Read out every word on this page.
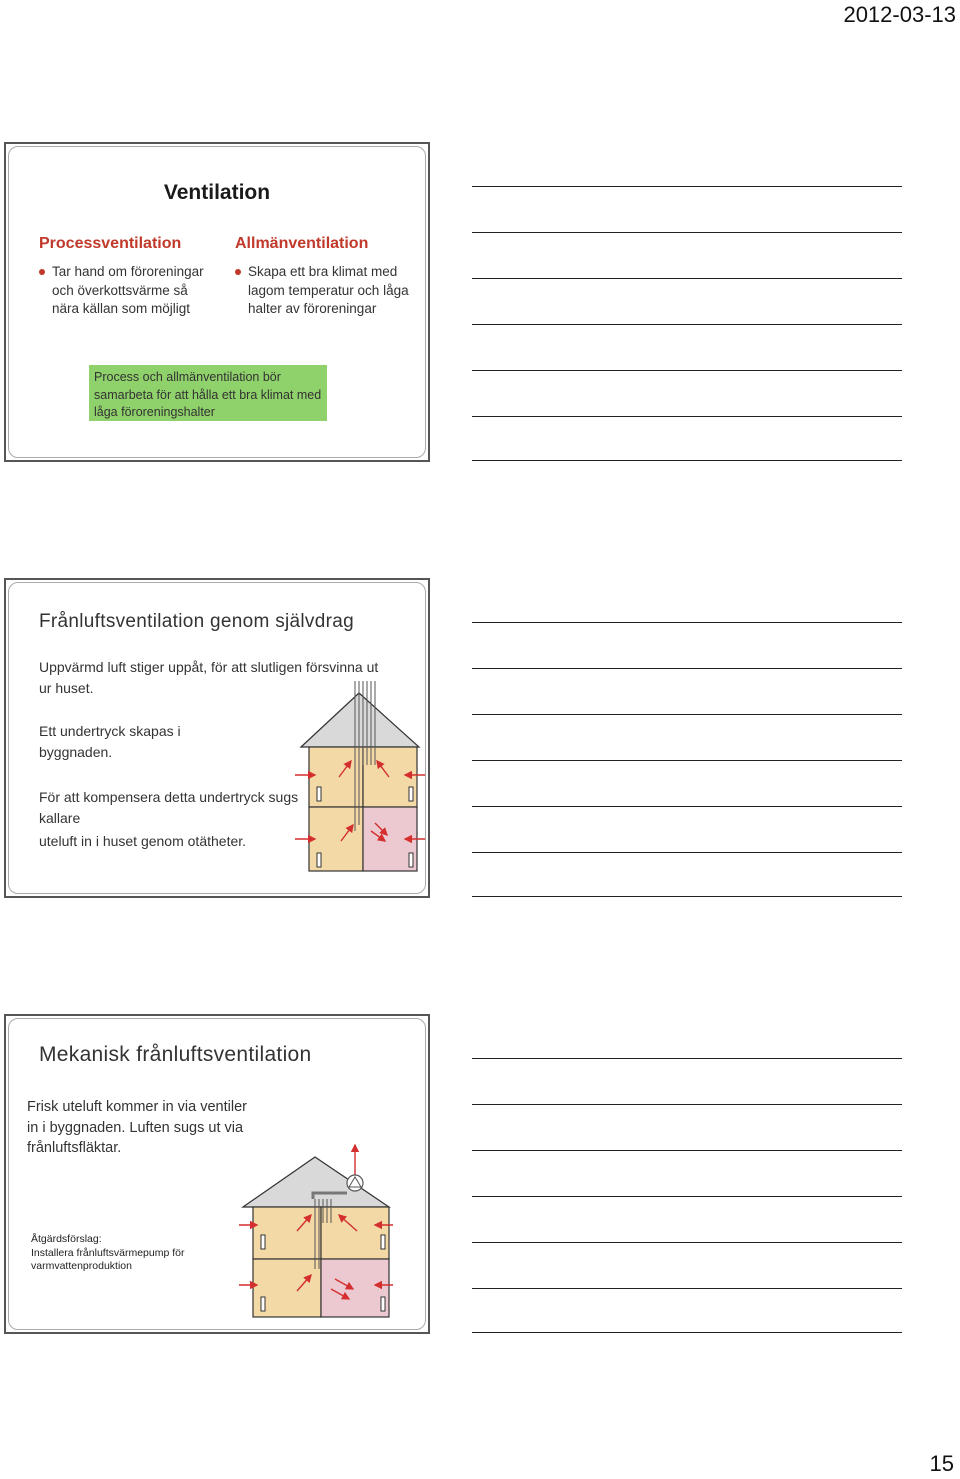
2012-03-13
Ventilation
Processventilation	Allmänventilation
Tar hand om föroreningar och överkottsvärme så nära källan som möjligt
Skapa ett bra klimat med lagom temperatur och låga halter av föroreningar
Process och allmänventilation bör samarbeta för att hålla ett bra klimat med låga föroreningshalter
Frånluftsventilation genom självdrag
Uppvärmd luft stiger uppåt, för att slutligen försvinna ut ur huset.
Ett undertryck skapas i byggnaden.
För att kompensera detta undertryck sugs kallare
uteluft in i huset genom otätheter.
Mekanisk frånluftsventilation
Frisk uteluft kommer in via ventiler in i byggnaden. Luften sugs ut via frånluftsfläktar.
Åtgärdsförslag:
Installera frånluftsvärmepump för varmvattenproduktion
15
